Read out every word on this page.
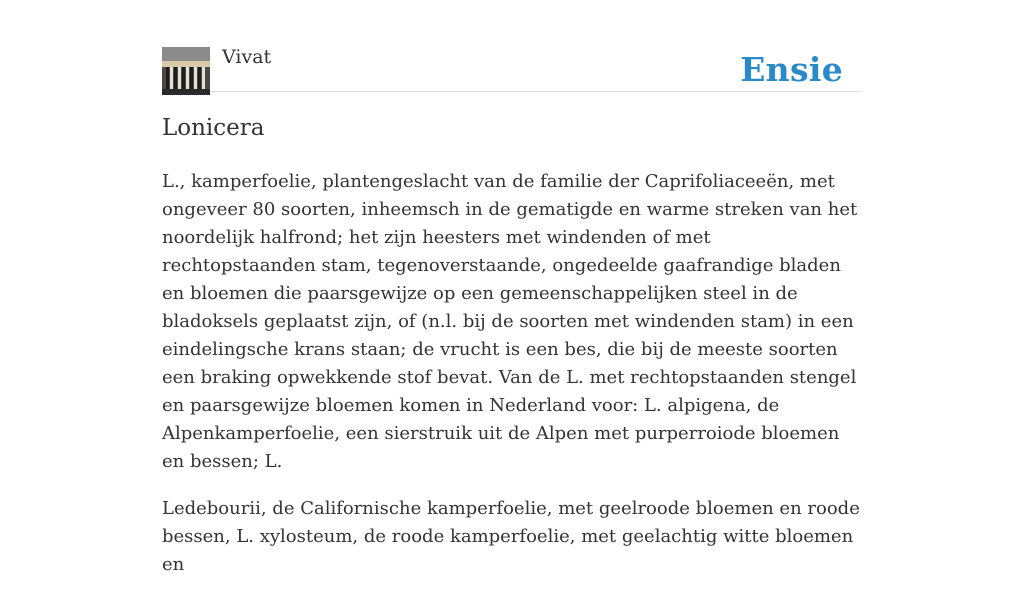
Vivat	Ensie
Lonicera

L., kamperfoelie, plantengeslacht van de familie der Caprifoliaceeën, met ongeveer 80 soorten, inheemsch in de gematigde en warme streken van het noordelijk halfrond; het zijn heesters met windenden of met rechtopstaanden stam, tegenoverstaande, ongedeelde gaafrandige bladen en bloemen die paarsgewijze op een gemeenschappelijken steel in de bladoksels geplaatst zijn, of (n.l. bij de soorten met windenden stam) in een eindelingsche krans staan; de vrucht is een bes, die bij de meeste soorten een braking opwekkende stof bevat. Van de L. met rechtopstaanden stengel en paarsgewijze bloemen komen in Nederland voor: L. alpigena, de Alpenkamperfoelie, een sierstruik uit de Alpen met purperroiode bloemen en bessen; L.

Ledebourii, de Californische kamperfoelie, met geelroode bloemen en roode bessen, L. xylosteum, de roode kamperfoelie, met geelachtig witte bloemen en
